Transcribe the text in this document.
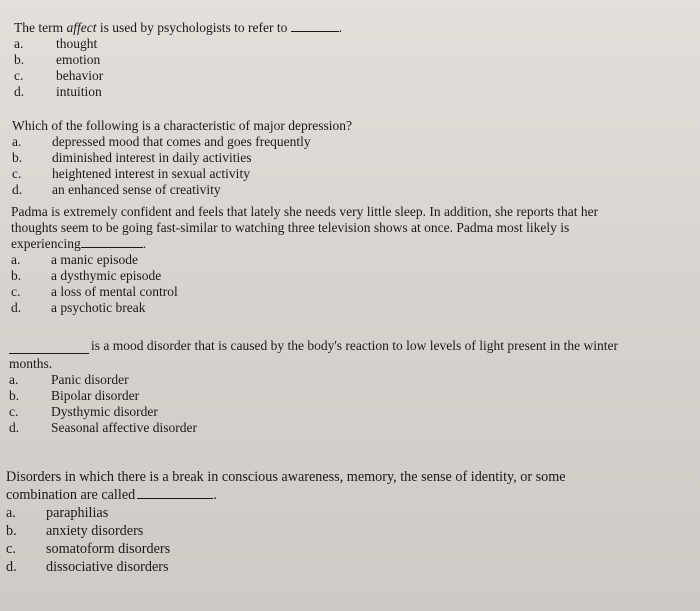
The term affect is used by psychologists to refer to	.

a.	thought
b.	emotion
c.	behavior
d.	intuition

Which of the following is a characteristic of major depression?

a.	depressed mood that comes and goes frequently
b.	diminished interest in daily activities
c.	heightened interest in sexual activity
d.	an enhanced sense of creativity

Padma is extremely confident and feels that lately she needs very little sleep. In addition, she reports that her
thoughts seem to be going fast-similar to watching three television shows at once. Padma most likely is
experiencing	.

a.	a manic episode
b.	a dysthymic episode
c.	a loss of mental control
d.	a psychotic break

is a mood disorder that is caused by the body's reaction to low levels of light present in the winter
months.

a.	Panic disorder
b.	Bipolar disorder
c.	Dysthymic disorder
d.	Seasonal affective disorder

Disorders in which there is a break in conscious awareness, memory, the sense of identity, or some
combination are called	.

a.	paraphilias
b.	anxiety disorders
c.	somatoform disorders
d.	dissociative disorders
